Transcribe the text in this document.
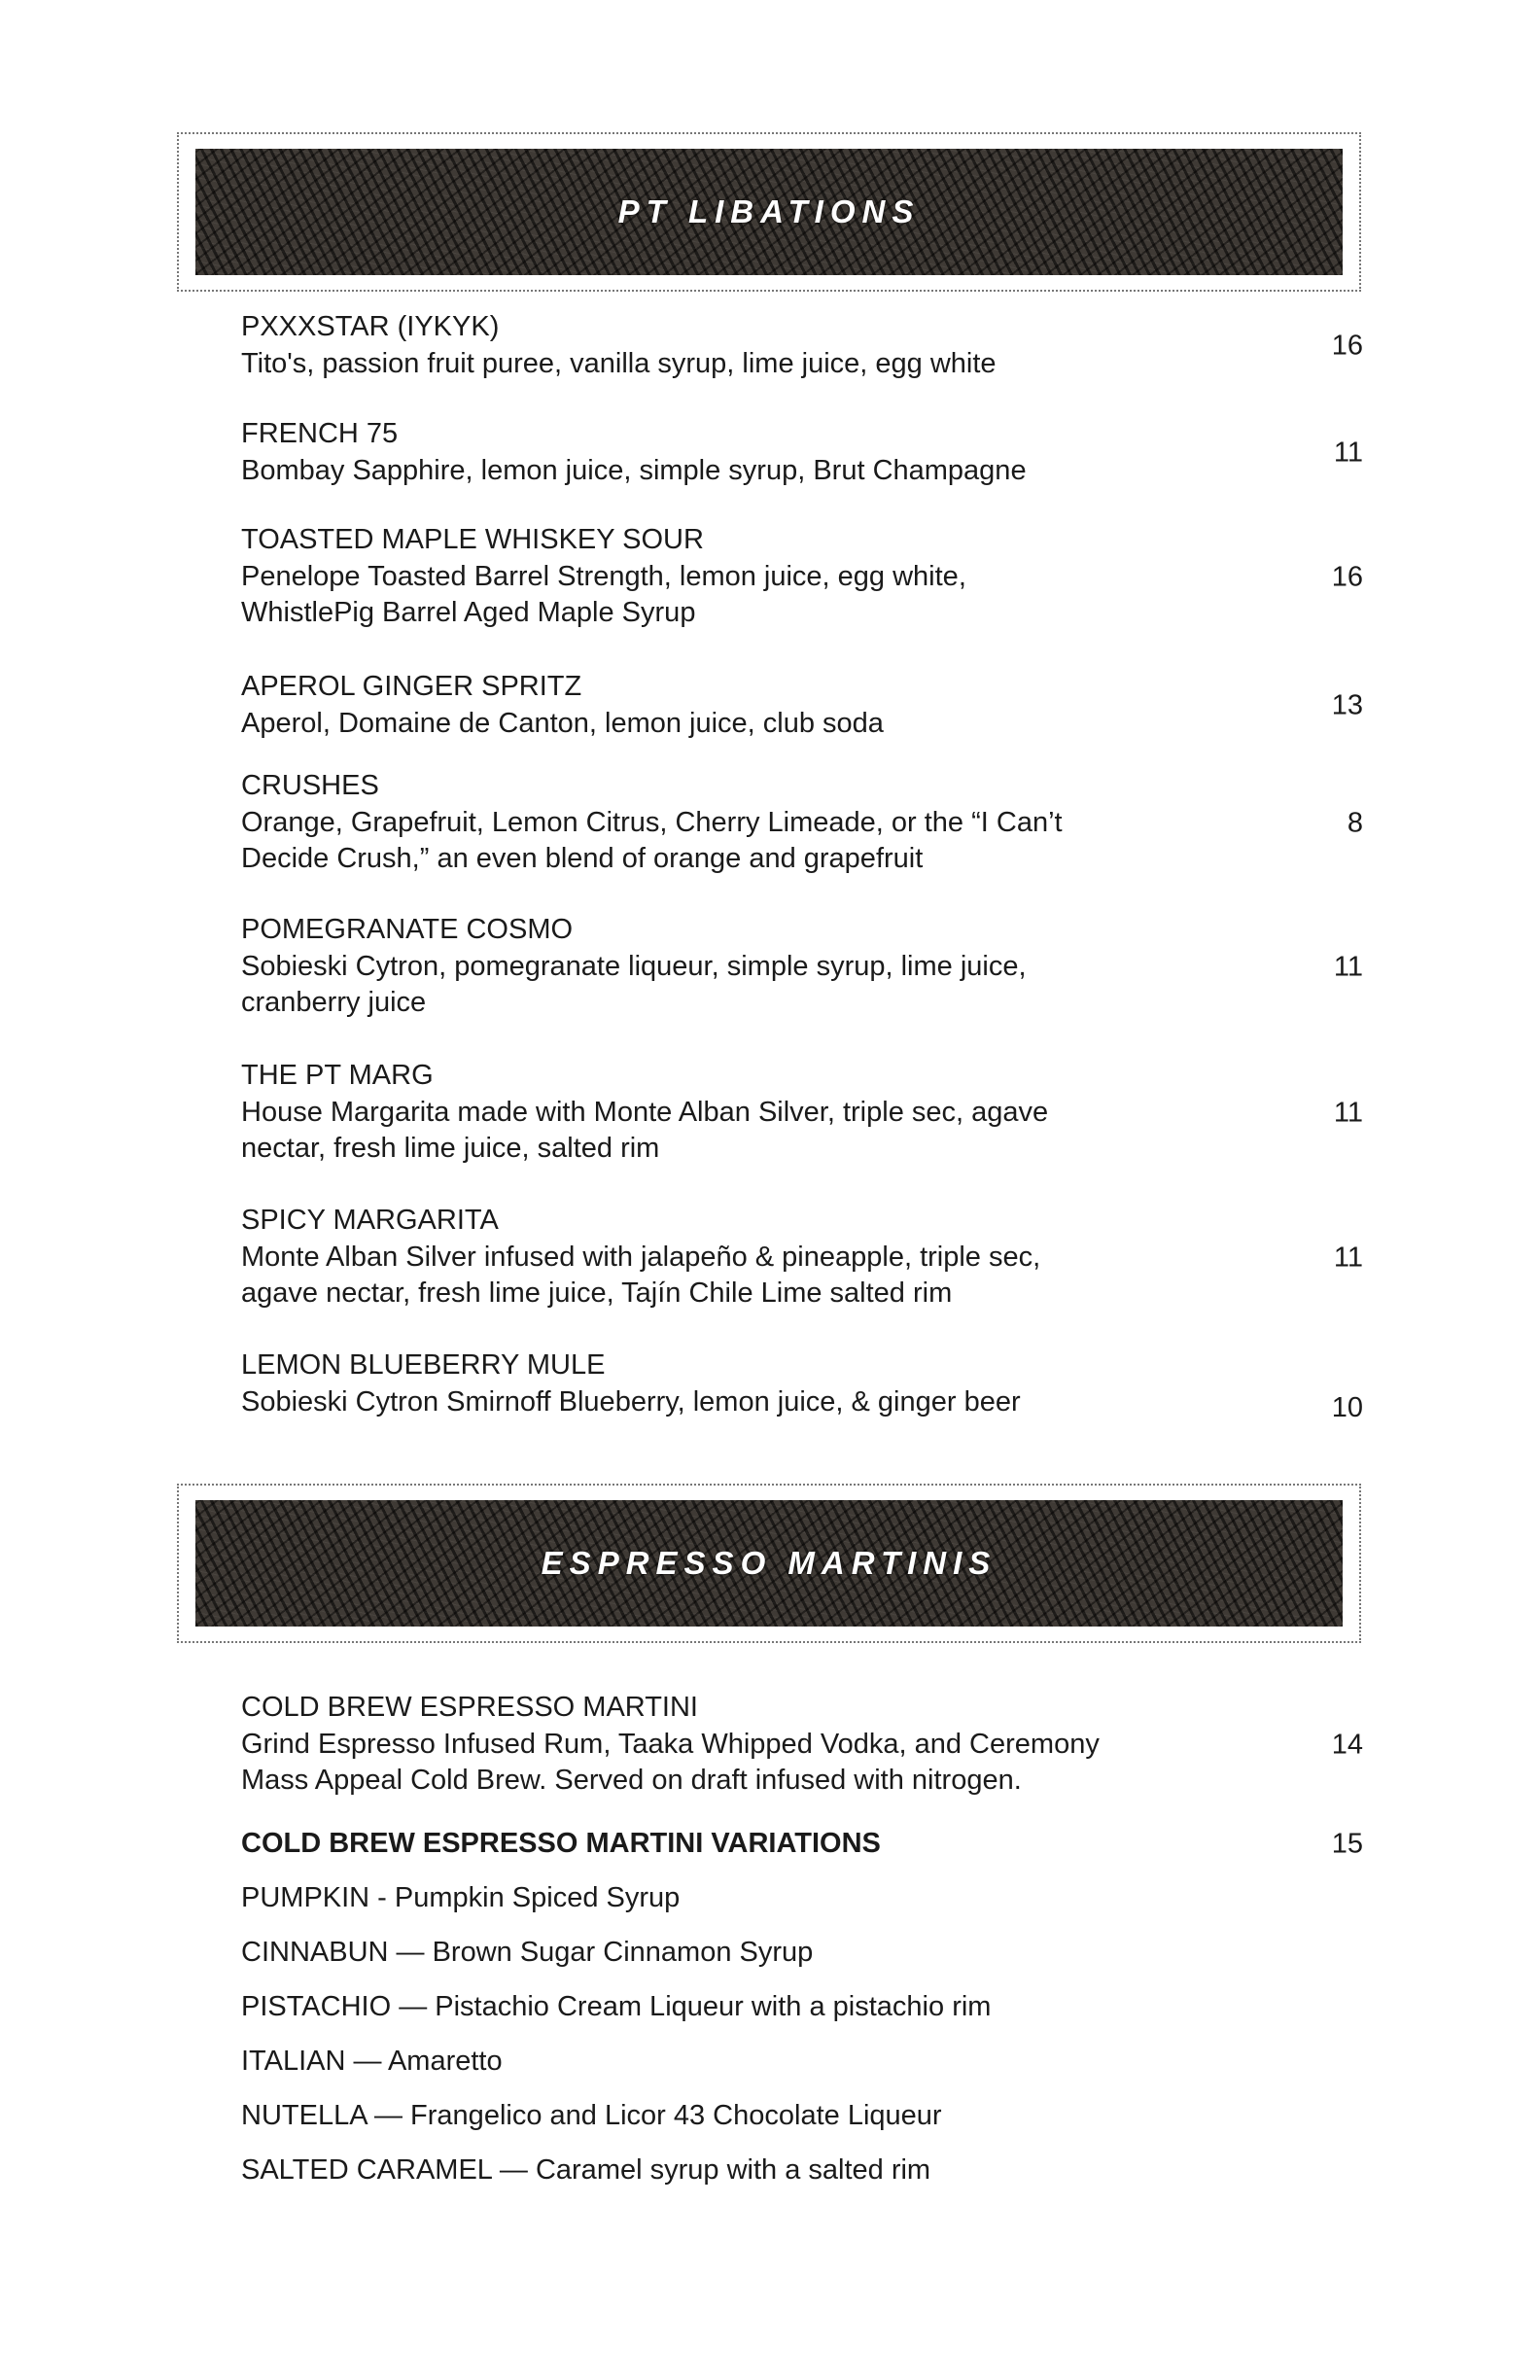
PT LIBATIONS
PXXXSTAR (IYKYK)
Tito's, passion fruit puree, vanilla syrup, lime juice, egg white
16
FRENCH 75
Bombay Sapphire, lemon juice, simple syrup, Brut Champagne
11
TOASTED MAPLE WHISKEY SOUR
Penelope Toasted Barrel Strength, lemon juice, egg white,
WhistlePig Barrel Aged Maple Syrup
16
APEROL GINGER SPRITZ
Aperol, Domaine de Canton, lemon juice, club soda
13
CRUSHES
Orange, Grapefruit, Lemon Citrus, Cherry Limeade, or the “I Can’t
Decide Crush,” an even blend of orange and grapefruit
8
POMEGRANATE COSMO
Sobieski Cytron, pomegranate liqueur, simple syrup, lime juice,
cranberry juice
11
THE PT MARG
House Margarita made with Monte Alban Silver, triple sec, agave
nectar, fresh lime juice, salted rim
11
SPICY MARGARITA
Monte Alban Silver infused with jalapeño & pineapple, triple sec,
agave nectar, fresh lime juice, Tajín Chile Lime salted rim
11
LEMON BLUEBERRY MULE
Sobieski Cytron Smirnoff Blueberry, lemon juice, & ginger beer	10
ESPRESSO MARTINIS
COLD BREW ESPRESSO MARTINI
Grind Espresso Infused Rum, Taaka Whipped Vodka, and Ceremony
Mass Appeal Cold Brew. Served on draft infused with nitrogen.
14
COLD BREW ESPRESSO MARTINI VARIATIONS	15
PUMPKIN - Pumpkin Spiced Syrup
CINNABUN — Brown Sugar Cinnamon Syrup
PISTACHIO — Pistachio Cream Liqueur with a pistachio rim
ITALIAN — Amaretto
NUTELLA — Frangelico and Licor 43 Chocolate Liqueur
SALTED CARAMEL — Caramel syrup with a salted rim
